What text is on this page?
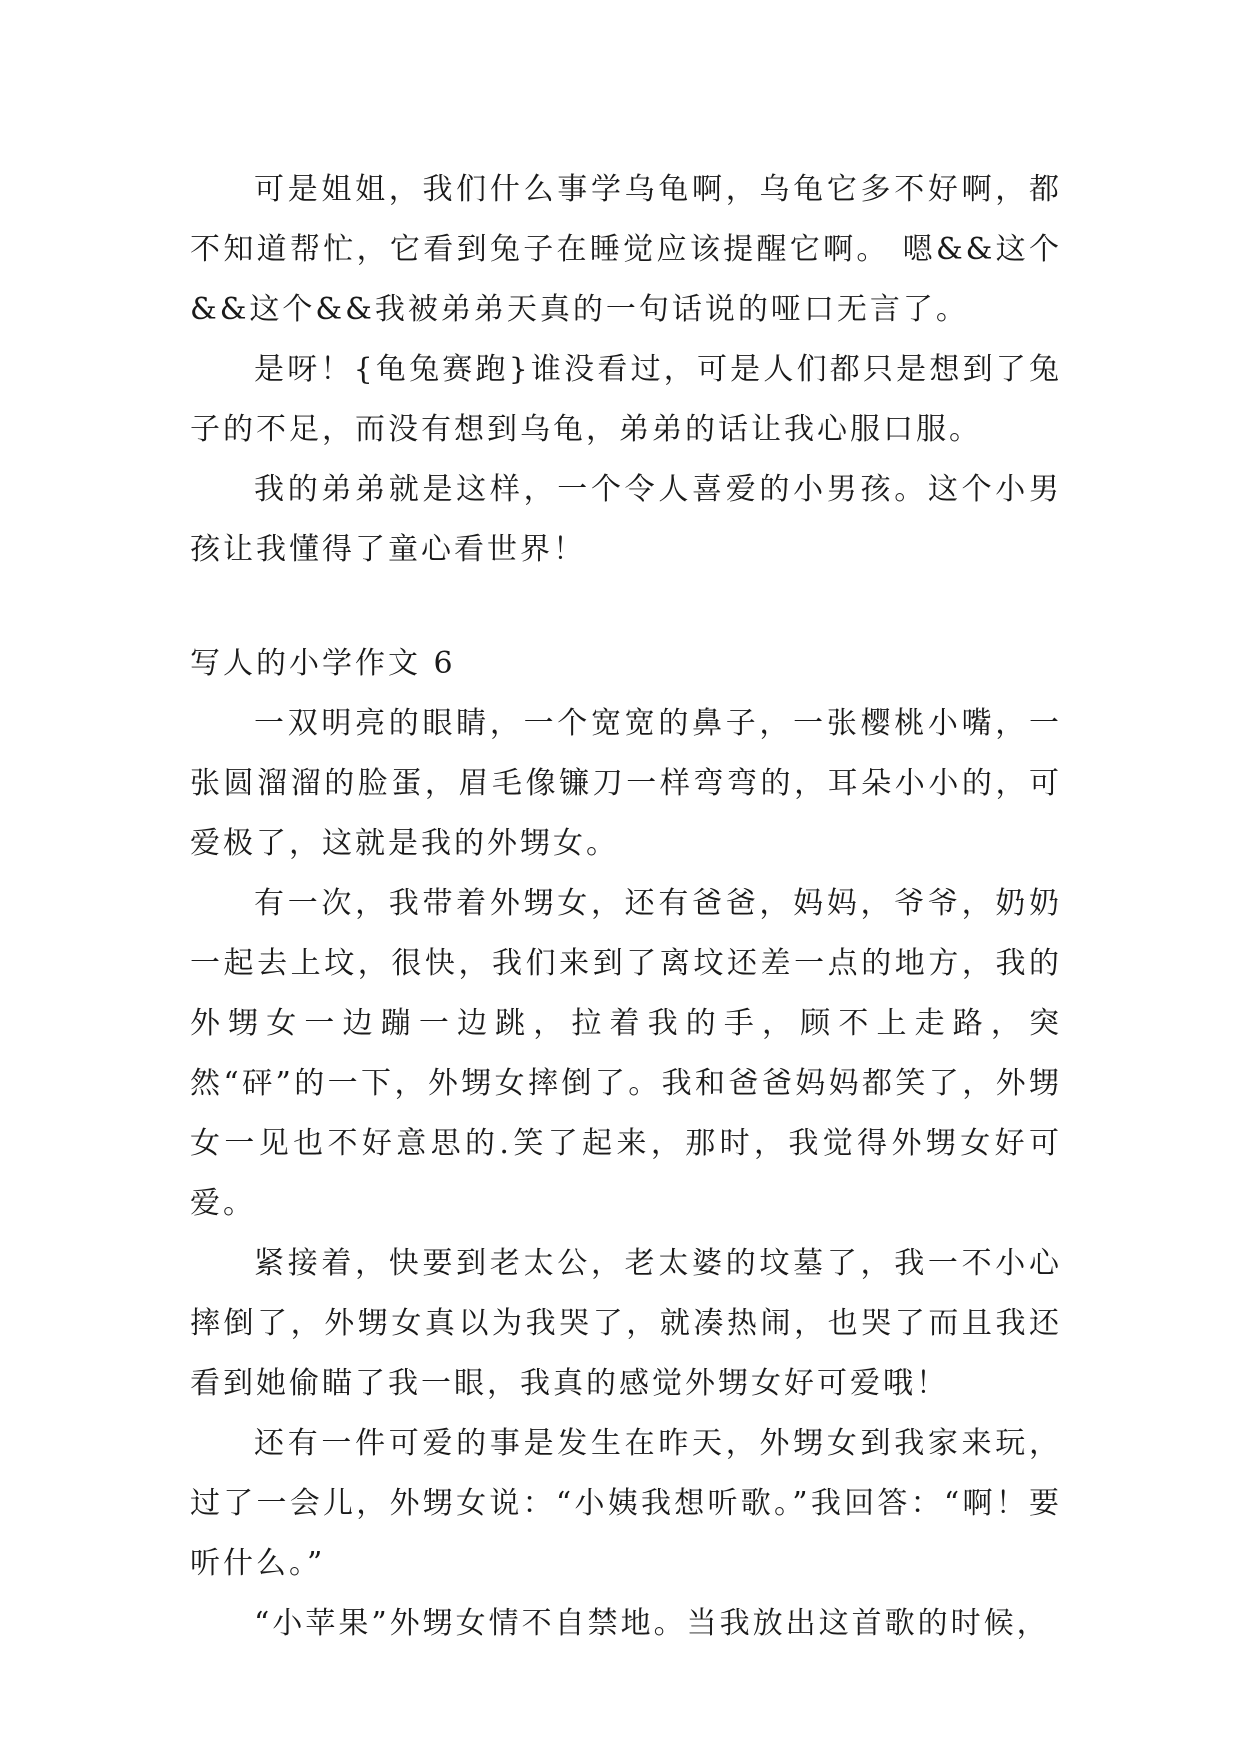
可是姐姐，我们什么事学乌龟啊，乌龟它多不好啊，都不知道帮忙，它看到兔子在睡觉应该提醒它啊。 嗯&&这个&&这个&&我被弟弟天真的一句话说的哑口无言了。

是呀！{龟兔赛跑}谁没看过，可是人们都只是想到了兔子的不足，而没有想到乌龟，弟弟的话让我心服口服。

我的弟弟就是这样，一个令人喜爱的小男孩。这个小男孩让我懂得了童心看世界！

写人的小学作文 6

一双明亮的眼睛，一个宽宽的鼻子，一张樱桃小嘴，一张圆溜溜的脸蛋，眉毛像镰刀一样弯弯的，耳朵小小的，可爱极了，这就是我的外甥女。

有一次，我带着外甥女，还有爸爸，妈妈，爷爷，奶奶一起去上坟，很快，我们来到了离坟还差一点的地方，我的外甥女一边蹦一边跳，拉着我的手，顾不上走路，突然“砰”的一下，外甥女摔倒了。我和爸爸妈妈都笑了，外甥女一见也不好意思的.笑了起来，那时，我觉得外甥女好可爱。

紧接着，快要到老太公，老太婆的坟墓了，我一不小心摔倒了，外甥女真以为我哭了，就凑热闹，也哭了而且我还看到她偷瞄了我一眼，我真的感觉外甥女好可爱哦！

还有一件可爱的事是发生在昨天，外甥女到我家来玩，过了一会儿，外甥女说：“小姨我想听歌。”我回答：“啊！要听什么。”

“小苹果”外甥女情不自禁地。当我放出这首歌的时候，
